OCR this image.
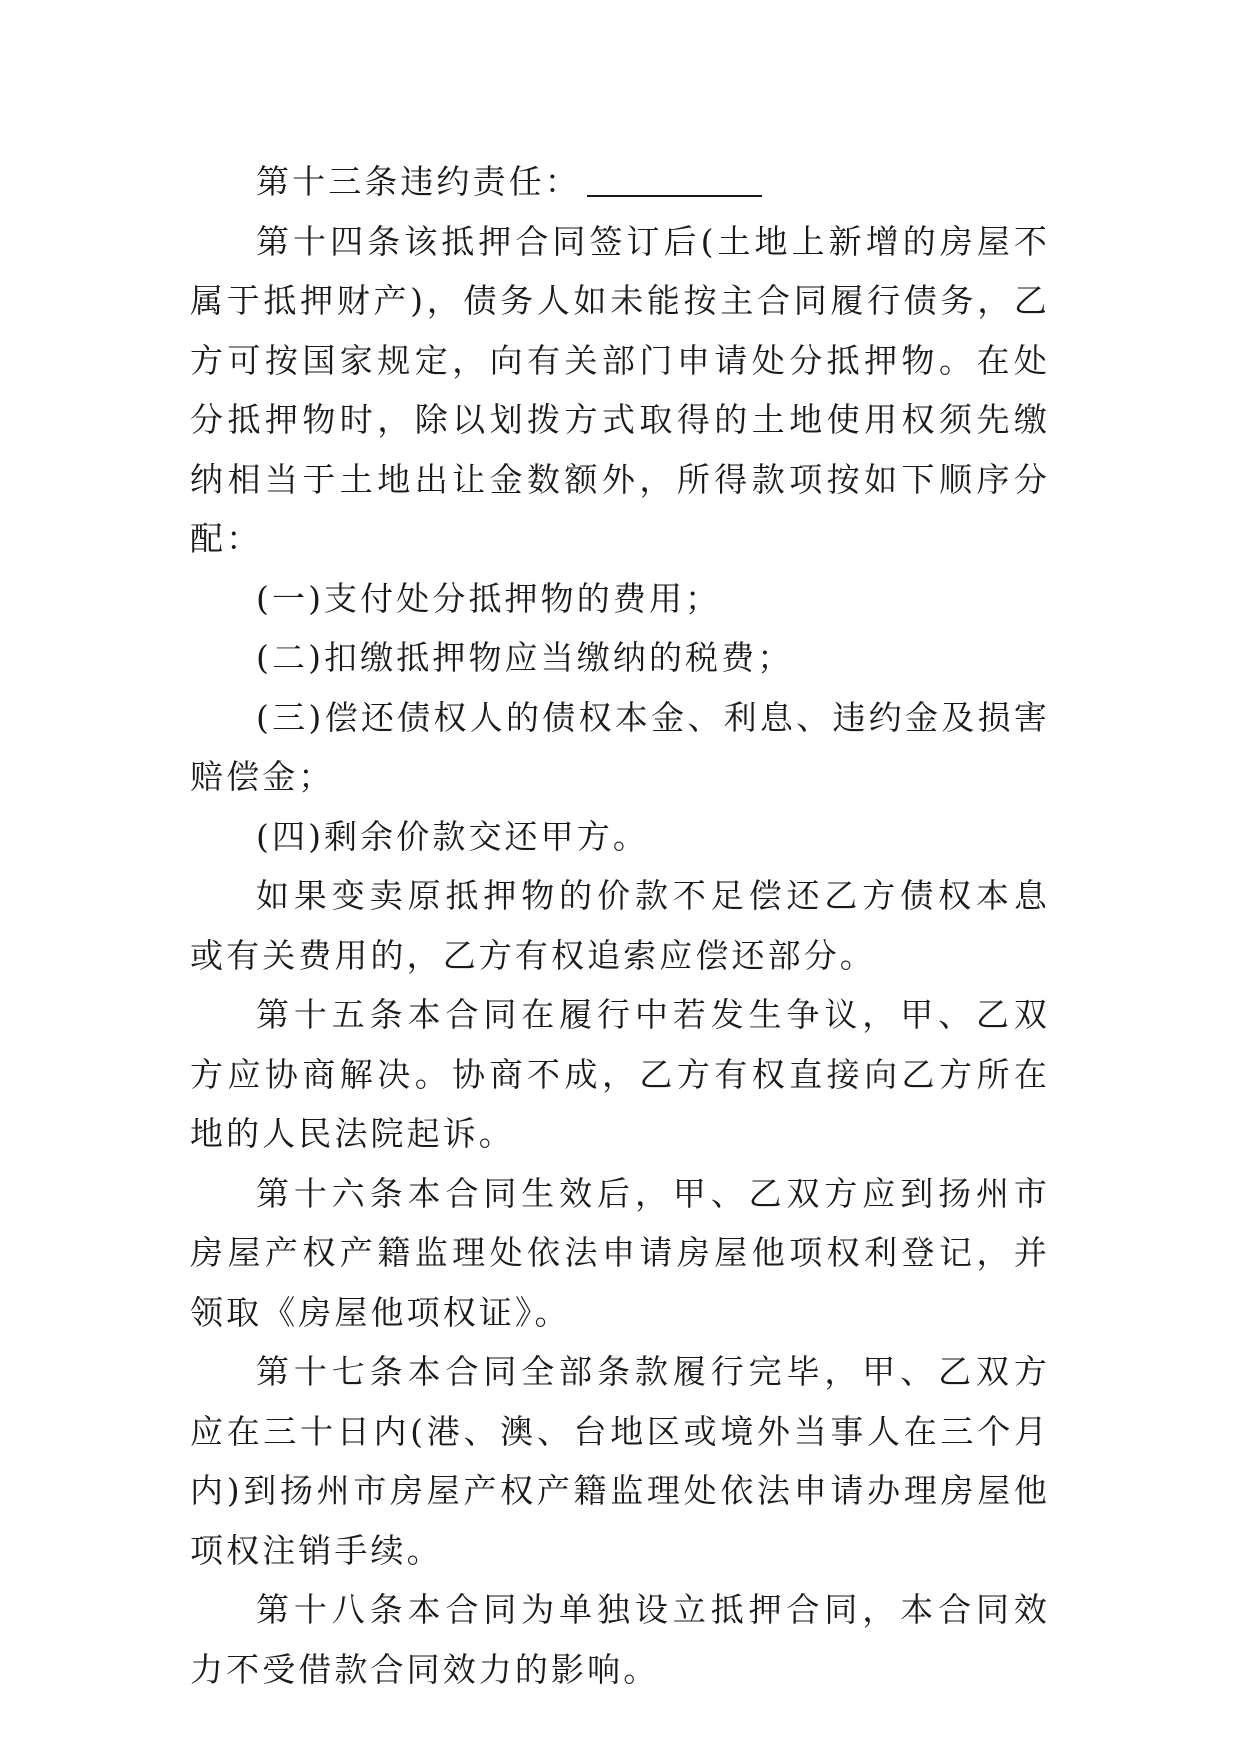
第十三条违约责任：

第十四条该抵押合同签订后(土地上新增的房屋不属于抵押财产)，债务人如未能按主合同履行债务，乙方可按国家规定，向有关部门申请处分抵押物。在处分抵押物时，除以划拨方式取得的土地使用权须先缴纳相当于土地出让金数额外，所得款项按如下顺序分配：

(一)支付处分抵押物的费用；

(二)扣缴抵押物应当缴纳的税费；

(三)偿还债权人的债权本金、利息、违约金及损害赔偿金；

(四)剩余价款交还甲方。

如果变卖原抵押物的价款不足偿还乙方债权本息或有关费用的，乙方有权追索应偿还部分。

第十五条本合同在履行中若发生争议，甲、乙双方应协商解决。协商不成，乙方有权直接向乙方所在地的人民法院起诉。

第十六条本合同生效后，甲、乙双方应到扬州市房屋产权产籍监理处依法申请房屋他项权利登记，并领取《房屋他项权证》。

第十七条本合同全部条款履行完毕，甲、乙双方应在三十日内(港、澳、台地区或境外当事人在三个月内)到扬州市房屋产权产籍监理处依法申请办理房屋他项权注销手续。

第十八条本合同为单独设立抵押合同，本合同效力不受借款合同效力的影响。
